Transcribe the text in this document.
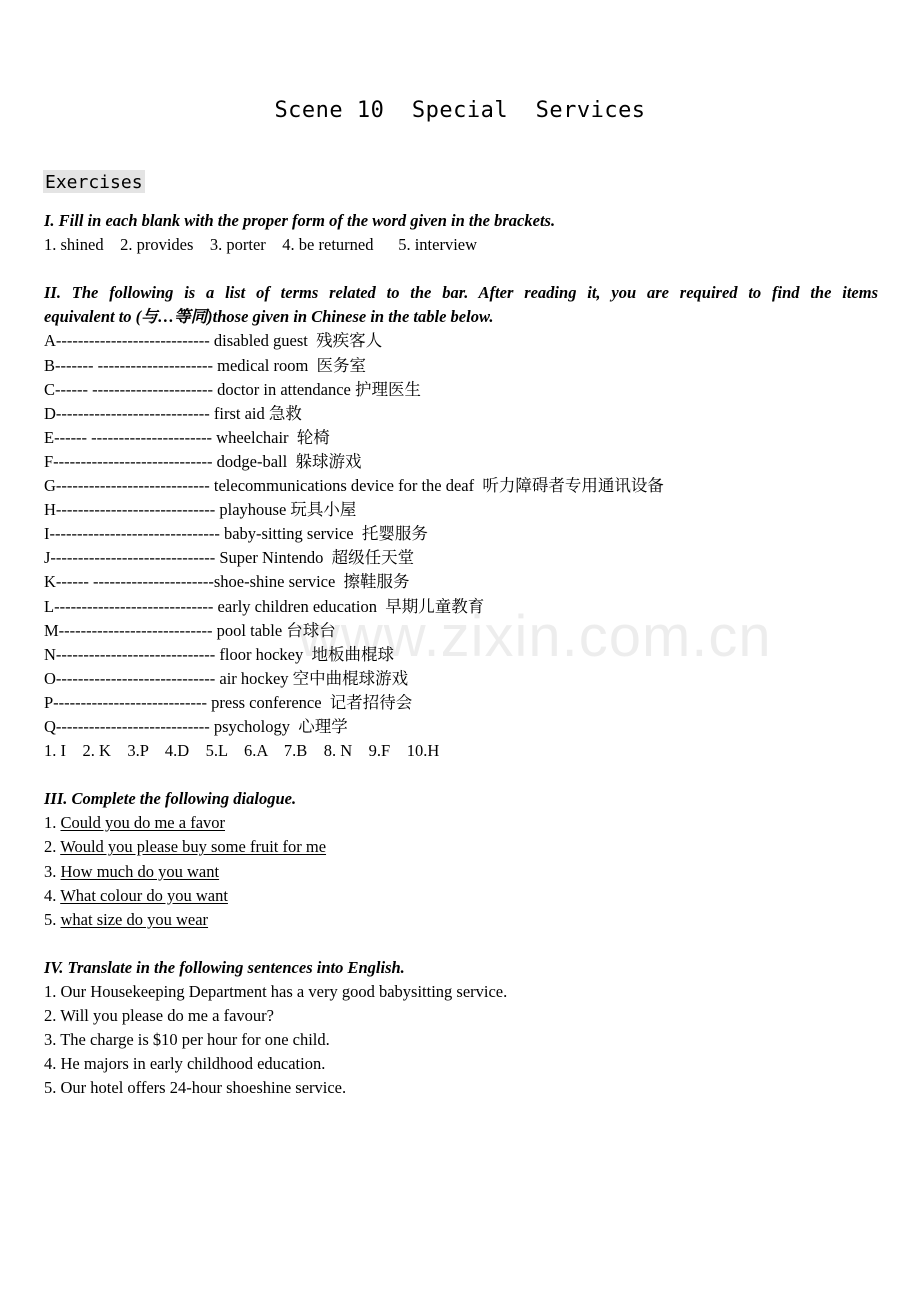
Scene 10  Special  Services
Exercises
www.zixin.com.cn
I. Fill in each blank with the proper form of the word given in the brackets.
1. shined    2. provides    3. porter    4. be returned      5. interview
II. The following is a list of terms related to the bar. After reading it, you are required to find the items
equivalent to (与…等同)those given in Chinese in the table below.
A---------------------------- disabled guest  残疾客人
B------- --------------------- medical room  医务室
C------ ---------------------- doctor in attendance 护理医生
D---------------------------- first aid 急救
E------ ---------------------- wheelchair  轮椅
F----------------------------- dodge-ball  躲球游戏
G---------------------------- telecommunications device for the deaf  听力障碍者专用通讯设备
H----------------------------- playhouse 玩具小屋
I------------------------------- baby-sitting service  托婴服务
J------------------------------ Super Nintendo  超级任天堂
K------ ----------------------shoe-shine service  擦鞋服务
L----------------------------- early children education  早期儿童教育
M---------------------------- pool table 台球台
N----------------------------- floor hockey  地板曲棍球
O----------------------------- air hockey 空中曲棍球游戏
P---------------------------- press conference  记者招待会
Q---------------------------- psychology  心理学
1. I    2. K    3.P    4.D    5.L    6.A    7.B    8. N    9.F    10.H
III. Complete the following dialogue.
1. Could you do me a favor
2. Would you please buy some fruit for me
3. How much do you want
4. What colour do you want
5. what size do you wear
IV. Translate in the following sentences into English.
1. Our Housekeeping Department has a very good babysitting service.
2. Will you please do me a favour?
3. The charge is $10 per hour for one child.
4. He majors in early childhood education.
5. Our hotel offers 24-hour shoeshine service.
